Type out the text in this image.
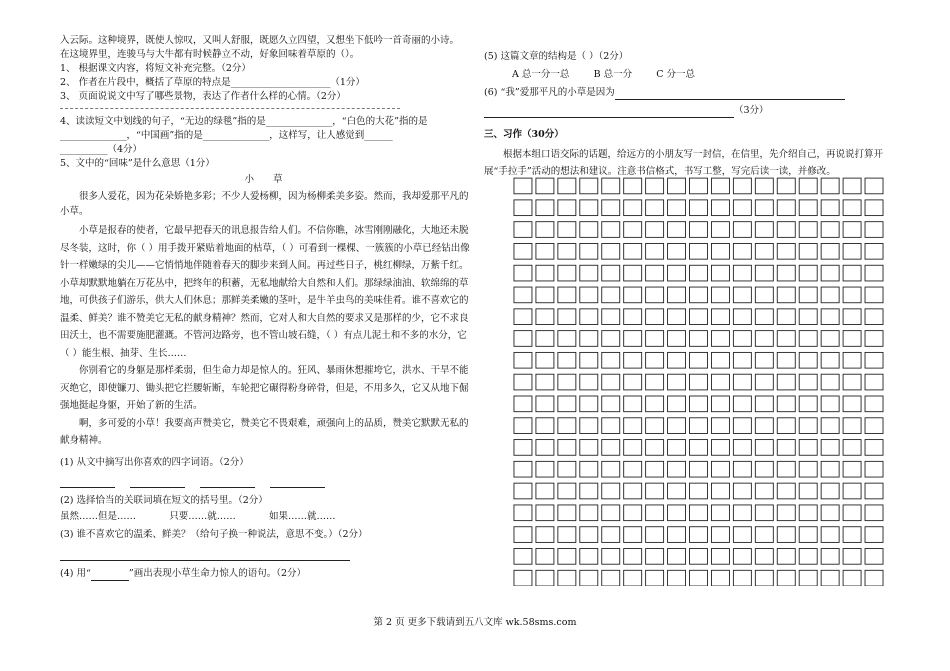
入云际。这种境界，既使人惊叹，又叫人舒服，既愿久立四望，又想坐下低吟一首奇丽的小诗。

在这境界里，连骏马与大牛都有时候静立不动，好象回味着草原的（）。

1、 根据课文内容，将短文补充完整。（2分）

2、 作者在片段中，概括了草原的特点是_____________________（1分）

3、 页面说说文中写了哪些景物，表达了作者什么样的心情。（2分）

4、读读短文中划线的句子，“无边的绿毯”指的是______________，“白色的大花”指的是

______________，“中国画”指的是______________，这样写，让人感觉到______

__________（4分）

5、文中的“回味”是什么意思（1分）

小 草

很多人爱花，因为花朵娇艳多彩；不少人爱杨柳，因为杨柳柔美多姿。然而，我却爱那平凡的小草。

小草是报春的使者，它最早把春天的讯息报告给人们。不信你瞧，冰雪刚刚融化，大地还未脱尽冬装，这时，你（ ）用手拨开紧贴着地面的枯草，（ ）可看到一棵棵、一簇簇的小草已经钻出像针一样嫩绿的尖儿——它悄悄地伴随着春天的脚步来到人间。再过些日子，桃红柳绿，万紫千红。小草却默默地躺在万花丛中，把终年的积蓄，无私地献给大自然和人们。那绿绿油油、软绵绵的草地，可供孩子们游乐，供大人们休息；那鲜美柔嫩的茎叶，是牛羊虫鸟的美味佳肴。谁不喜欢它的温柔、鲜美？谁不赞美它无私的献身精神？然而，它对人和大自然的要求又是那样的少，它不求良田沃土，也不需要施肥灌溉。不管河边路旁，也不管山坡石缝，（ ）有点儿泥土和不多的水分，它（ ）能生根、抽芽、生长……

你别看它的身躯是那样柔弱，但生命力却是惊人的。狂风、暴雨休想摧垮它，洪水、干旱不能灭绝它，即使镰刀、锄头把它拦腰斩断，车轮把它碾得粉身碎骨，但是，不用多久，它又从地下倔强地挺起身躯，开始了新的生活。

啊，多可爱的小草！我要高声赞美它，赞美它不畏艰难，顽强向上的品质，赞美它默默无私的献身精神。

(1) 从文中摘写出你喜欢的四字词语。（2分）

(2) 选择恰当的关联词填在短文的括号里。（2分）

虽然……但是……	只要……就……	如果……就……

(3) 谁不喜欢它的温柔、鲜美？（给句子换一种说法，意思不变。）（2分）

(4) 用“	”画出表现小草生命力惊人的语句。（2分）

(5) 这篇文章的结构是（ ）（2分）

A 总一分一总	B 总一分	C 分一总

(6) “我”爱那平凡的小草是因为

（3分）

三、习作（30分）

根据本组口语交际的话题，给远方的小朋友写一封信，在信里，先介绍自己，再说说打算开展“手拉手”活动的想法和建议。注意书信格式，书写工整，写完后读一读，并修改。

第 2 页 更多下载请到五八文库 wk.58sms.com
